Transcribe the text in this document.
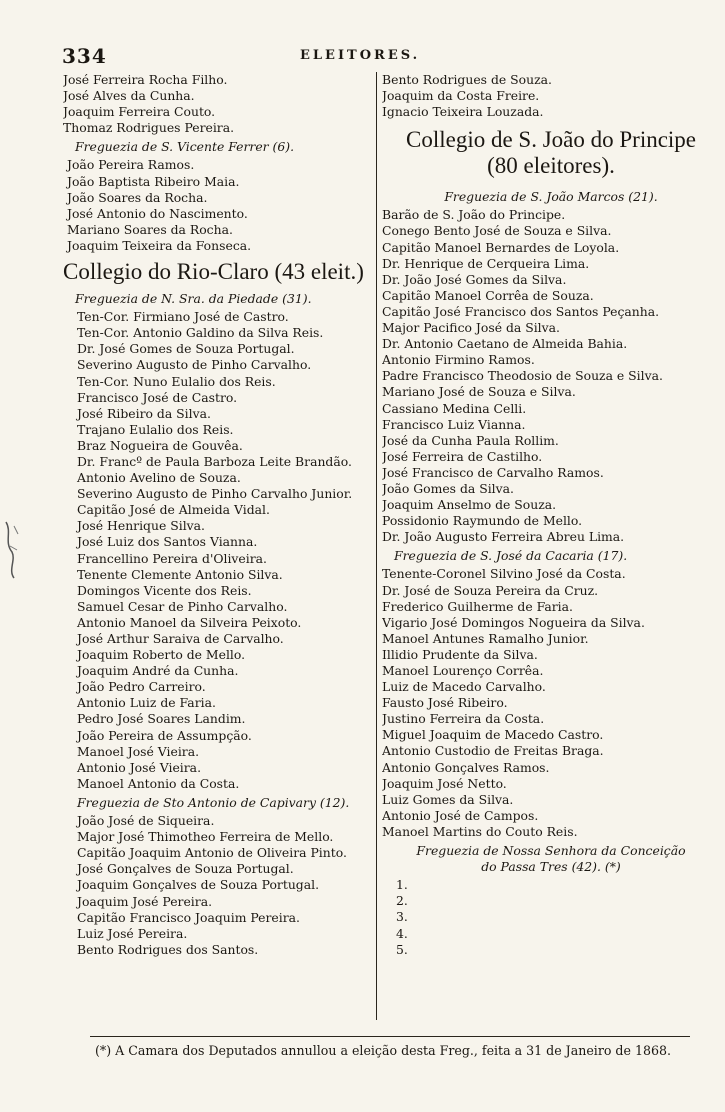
334	ELEITORES.
José Ferreira Rocha Filho.
José Alves da Cunha.
Joaquim Ferreira Couto.
Thomaz Rodrigues Pereira.
Freguezia de S. Vicente Ferrer (6).
João Pereira Ramos.
João Baptista Ribeiro Maia.
João Soares da Rocha.
José Antonio do Nascimento.
Mariano Soares da Rocha.
Joaquim Teixeira da Fonseca.
Collegio do Rio-Claro (43 eleit.)
Freguezia de N. Sra. da Piedade (31).
Ten-Cor. Firmiano José de Castro.
Ten-Cor. Antonio Galdino da Silva Reis.
Dr. José Gomes de Souza Portugal.
Severino Augusto de Pinho Carvalho.
Ten-Cor. Nuno Eulalio dos Reis.
Francisco José de Castro.
José Ribeiro da Silva.
Trajano Eulalio dos Reis.
Braz Nogueira de Gouvêa.
Dr. Francº de Paula Barboza Leite Brandão.
Antonio Avelino de Souza.
Severino Augusto de Pinho Carvalho Junior.
Capitão José de Almeida Vidal.
José Henrique Silva.
José Luiz dos Santos Vianna.
Francellino Pereira d'Oliveira.
Tenente Clemente Antonio Silva.
Domingos Vicente dos Reis.
Samuel Cesar de Pinho Carvalho.
Antonio Manoel da Silveira Peixoto.
José Arthur Saraiva de Carvalho.
Joaquim Roberto de Mello.
Joaquim André da Cunha.
João Pedro Carreiro.
Antonio Luiz de Faria.
Pedro José Soares Landim.
João Pereira de Assumpção.
Manoel José Vieira.
Antonio José Vieira.
Manoel Antonio da Costa.
Freguezia de Sto Antonio de Capivary (12).
João José de Siqueira.
Major José Thimotheo Ferreira de Mello.
Capitão Joaquim Antonio de Oliveira Pinto.
José Gonçalves de Souza Portugal.
Joaquim Gonçalves de Souza Portugal.
Joaquim José Pereira.
Capitão Francisco Joaquim Pereira.
Luiz José Pereira.
Bento Rodrigues dos Santos.
Bento Rodrigues de Souza.
Joaquim da Costa Freire.
Ignacio Teixeira Louzada.
Collegio de S. João do Principe
(80 eleitores).
Freguezia de S. João Marcos (21).
Barão de S. João do Principe.
Conego Bento José de Souza e Silva.
Capitão Manoel Bernardes de Loyola.
Dr. Henrique de Cerqueira Lima.
Dr. João José Gomes da Silva.
Capitão Manoel Corrêa de Souza.
Capitão José Francisco dos Santos Peçanha.
Major Pacifico José da Silva.
Dr. Antonio Caetano de Almeida Bahia.
Antonio Firmino Ramos.
Padre Francisco Theodosio de Souza e Silva.
Mariano José de Souza e Silva.
Cassiano Medina Celli.
Francisco Luiz Vianna.
José da Cunha Paula Rollim.
José Ferreira de Castilho.
José Francisco de Carvalho Ramos.
João Gomes da Silva.
Joaquim Anselmo de Souza.
Possidonio Raymundo de Mello.
Dr. João Augusto Ferreira Abreu Lima.
Freguezia de S. José da Cacaria (17).
Tenente-Coronel Silvino José da Costa.
Dr. José de Souza Pereira da Cruz.
Frederico Guilherme de Faria.
Vigario José Domingos Nogueira da Silva.
Manoel Antunes Ramalho Junior.
Illidio Prudente da Silva.
Manoel Lourenço Corrêa.
Luiz de Macedo Carvalho.
Fausto José Ribeiro.
Justino Ferreira da Costa.
Miguel Joaquim de Macedo Castro.
Antonio Custodio de Freitas Braga.
Antonio Gonçalves Ramos.
Joaquim José Netto.
Luiz Gomes da Silva.
Antonio José de Campos.
Manoel Martins do Couto Reis.
Freguezia de Nossa Senhora da Conceição
do Passa Tres (42). (*)
1.
2.
3.
4.
5.
(*) A Camara dos Deputados annullou a eleição desta Freg., feita a 31 de Janeiro de 1868.
